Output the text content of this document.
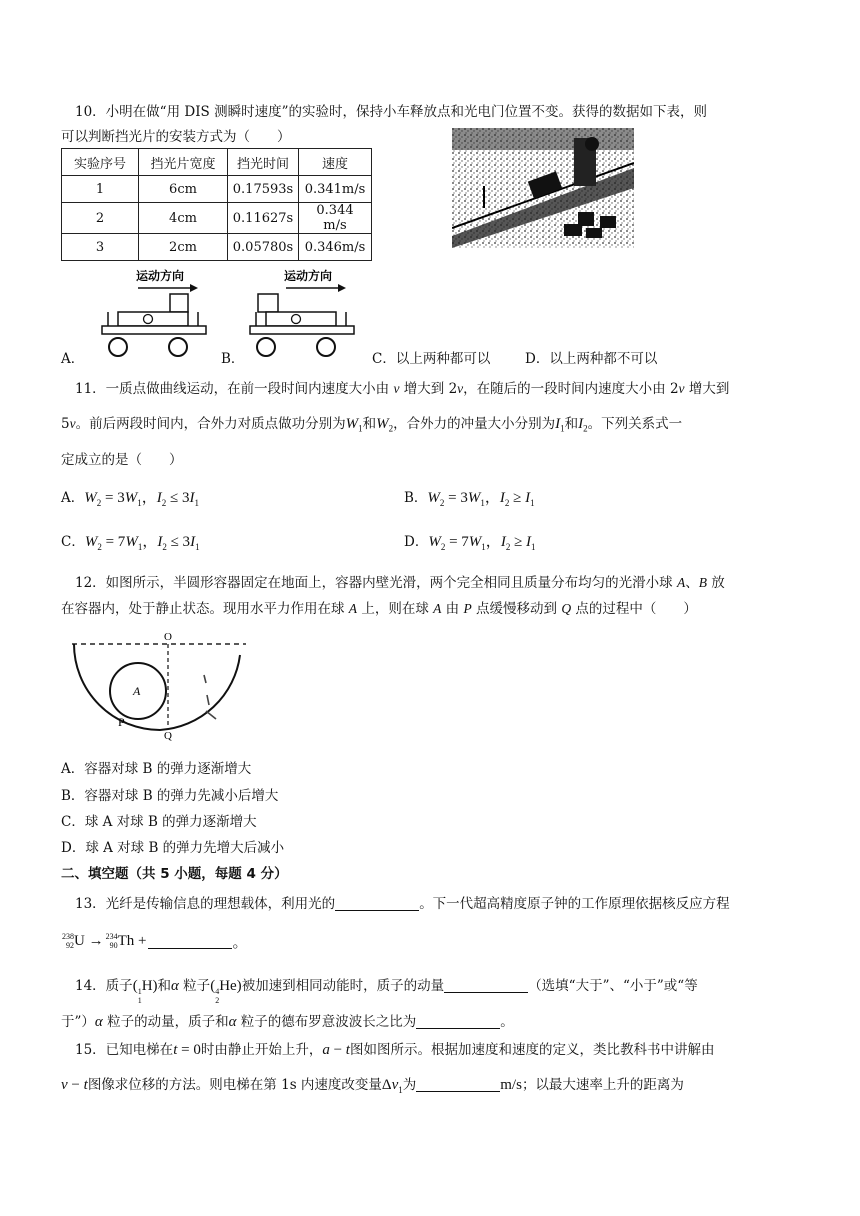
10．小明在做“用 DIS 测瞬时速度”的实验时，保持小车释放点和光电门位置不变。获得的数据如下表，则
可以判断挡光片的安装方式为（　　）
实验序号	挡光片宽度	挡光时间	速度
1	6cm	0.17593s	0.341m/s
2	4cm	0.11627s	0.344 m/s
3	2cm	0.05780s	0.346m/s
A．
运动方向
B．
运动方向
C．以上两种都可以	D．以上两种都不可以
11．一质点做曲线运动，在前一段时间内速度大小由 v 增大到 2v，在随后的一段时间内速度大小由 2v 增大到
5v。前后两段时间内，合外力对质点做功分别为$W_1$和$W_2$，合外力的冲量大小分别为$I_1$和$I_2$。下列关系式一
定成立的是（　　）
A．$W_2 = 3W_1$，$I_2 \le 3I_1$	B．$W_2 = 3W_1$，$I_2 \ge I_1$
C．$W_2 = 7W_1$，$I_2 \le 3I_1$	D．$W_2 = 7W_1$，$I_2 \ge I_1$
12．如图所示，半圆形容器固定在地面上，容器内壁光滑，两个完全相同且质量分布均匀的光滑小球 A、B 放
在容器内，处于静止状态。现用水平力作用在球 A 上，则在球 A 由 P 点缓慢移动到 Q 点的过程中（　　）
O
A
P
Q
A．容器对球 B 的弹力逐渐增大
B．容器对球 B 的弹力先减小后增大
C．球 A 对球 B 的弹力逐渐增大
D．球 A 对球 B 的弹力先增大后减小
二、填空题（共 5 小题，每题 4 分）
13．光纤是传输信息的理想载体，利用光的	。下一代超高精度原子钟的工作原理依据核反应方程
238
92 U → 234
90 Th +	。
14．质子(1
1H)和α 粒子(4
2He)被加速到相同动能时，质子的动量	（选填“大于”、“小于”或“等
于”）α 粒子的动量，质子和α 粒子的德布罗意波波长之比为	。
15．已知电梯在t = 0时由静止开始上升，a − t图如图所示。根据加速度和速度的定义，类比教科书中讲解由
v − t图像求位移的方法。则电梯在第 1s 内速度改变量$\Delta v_1$为	m/s；以最大速率上升的距离为
